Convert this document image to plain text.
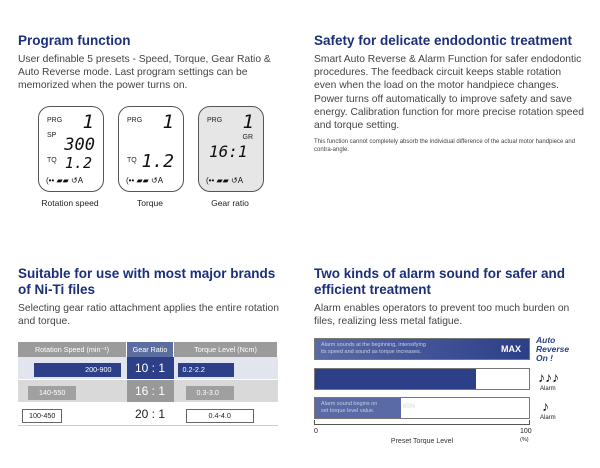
Program function

User definable 5 presets - Speed, Torque, Gear Ratio & Auto Reverse mode. Last program settings can be memorized when the power turns on.

PRG 1
SP 300
TQ 1.2
(•• ▰▰ ↺A
Rotation speed
PRG 1
TQ 1.2
(•• ▰▰ ↺A
Torque
PRG 1
GR
16:1
(•• ▰▰ ↺A
Gear ratio
Safety for delicate endodontic treatment

Smart Auto Reverse & Alarm Function for safer endodontic procedures. The feedback circuit keeps stable rotation even when the load on the motor handpiece changes. Power turns off automatically to improve safety and save energy. Calibration function for more precise rotation speed and torque setting.

This function cannot completely absorb the individual difference of the actual motor handpiece and contra-angle.
Suitable for use with most major brands of Ni-Ti files

Selecting gear ratio attachment applies the entire rotation and torque.

Rotation Speed (min⁻¹)	Gear Ratio	Torque Level (Ncm)
200-900	10 : 1	0.2-2.2
140-550	16 : 1	0.3-3.0
100-450	20 : 1	0.4-4.0
Two kinds of alarm sound for safer and efficient treatment

Alarm enables operators to prevent too much burden on files, realizing less metal fatigue.

Alarm sounds at the beginning, intensifying
its speed and sound as torque increases.	MAX
Auto Reverse On !
♪♪♪
Alarm
Alarm sound begins on
set torque level value.
60%	♪
Alarm
0	100
(%)
Preset Torque Level
